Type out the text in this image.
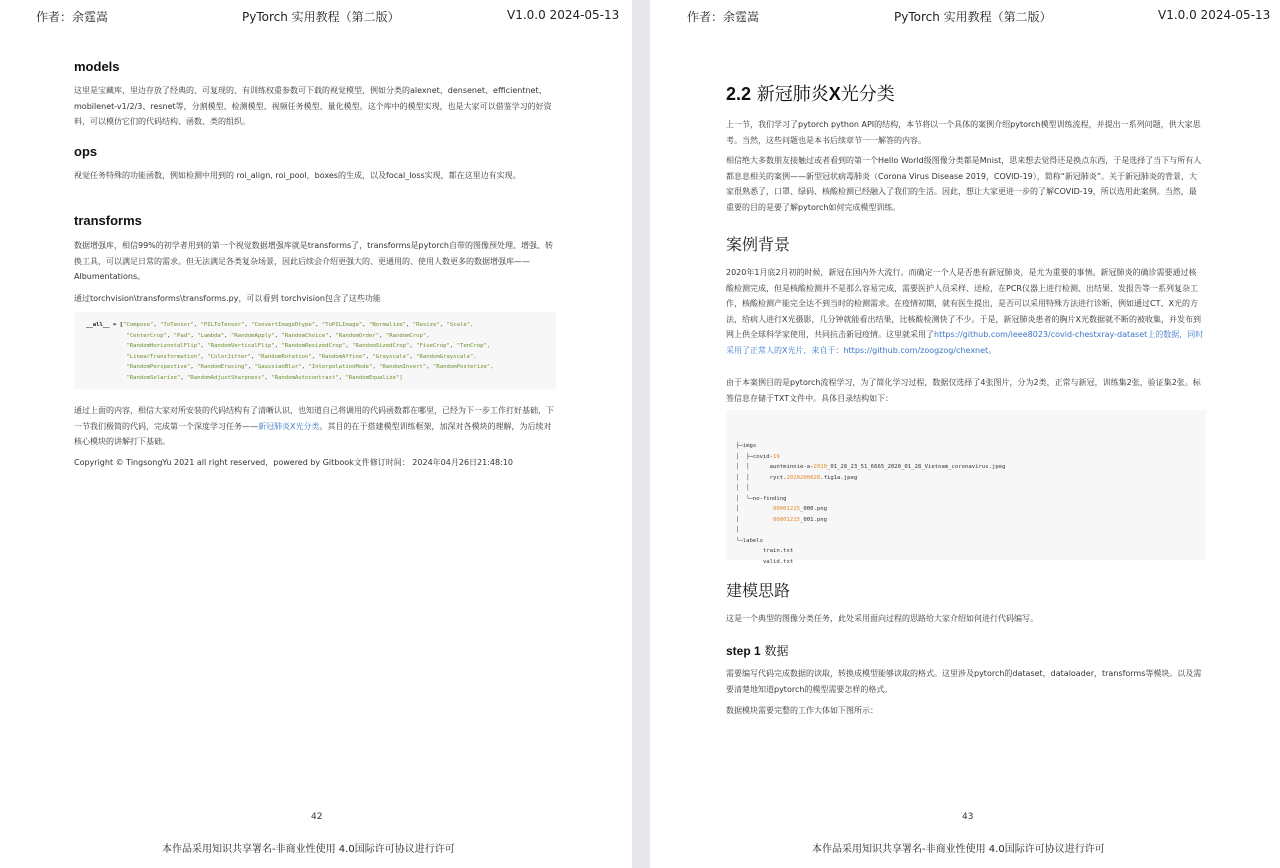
作者：余霆嵩	PyTorch 实用教程（第二版）	V1.0.0 2024-05-13
models
这里是宝藏库，里边存放了经典的、可复现的、有训练权重参数可下载的视觉模型，例如分类的alexnet、densenet、efficientnet、mobilenet-v1/2/3、resnet等，分割模型、检测模型、视频任务模型、量化模型。这个库中的模型实现，也是大家可以借鉴学习的好资料，可以模仿它们的代码结构、函数、类的组织。
ops
视觉任务特殊的功能函数，例如检测中用到的 roi_align, roi_pool，boxes的生成，以及focal_loss实现，都在这里边有实现。
transforms
数据增强库，相信99%的初学者用到的第一个视觉数据增强库就是transforms了，transforms是pytorch自带的图像预处理、增强、转换工具，可以满足日常的需求。但无法满足各类复杂场景，因此后续会介绍更强大的、更通用的、使用人数更多的数据增强库——Albumentations。
通过torchvision\transforms\transforms.py，可以看到 torchvision包含了这些功能
__all__ = ["Compose", "ToTensor", "PILToTensor", "ConvertImageDtype", "ToPILImage", "Normalize", "Resize", "Scale",
"CenterCrop", "Pad", "Lambda", "RandomApply", "RandomChoice", "RandomOrder", "RandomCrop",
"RandomHorizontalFlip", "RandomVerticalFlip", "RandomResizedCrop", "RandomSizedCrop", "FiveCrop", "TenCrop",
"LinearTransformation", "ColorJitter", "RandomRotation", "RandomAffine", "Grayscale", "RandomGrayscale",
"RandomPerspective", "RandomErasing", "GaussianBlur", "InterpolationMode", "RandomInvert", "RandomPosterize",
"RandomSolarize", "RandomAdjustSharpness", "RandomAutocontrast", "RandomEqualize"]
通过上面的内容，相信大家对所安装的代码结构有了清晰认识，也知道自己将调用的代码函数都在哪里，已经为下一步工作打好基础，下一节我们极简的代码，完成第一个深度学习任务——新冠肺炎X光分类。其目的在于搭建模型训练框架，加深对各模块的理解，为后续对核心模块的讲解打下基础。
Copyright © TingsongYu 2021 all right reserved，powered by Gitbook文件修订时间： 2024年04月26日21:48:10
42
本作品采用知识共享署名-非商业性使用 4.0国际许可协议进行许可
作者：余霆嵩	PyTorch 实用教程（第二版）	V1.0.0 2024-05-13
2.2 新冠肺炎X光分类
上一节，我们学习了pytorch python API的结构，本节将以一个具体的案例介绍pytorch模型训练流程，并提出一系列问题，供大家思考。当然，这些问题也是本书后续章节一一解答的内容。
相信绝大多数朋友接触过或者看到的第一个Hello World级图像分类都是Mnist，思来想去觉得还是换点东西，于是选择了当下与所有人都息息相关的案例——新型冠状病毒肺炎（Corona Virus Disease 2019，COVID-19），简称“新冠肺炎”。关于新冠肺炎的背景，大家很熟悉了，口罩、绿码、核酸检测已经融入了我们的生活。因此，想让大家更进一步的了解COVID-19，所以选用此案例。当然，最重要的目的是要了解pytorch如何完成模型训练。
案例背景
2020年1月底2月初的时候，新冠在国内外大流行。而确定一个人是否患有新冠肺炎，是尤为重要的事情。新冠肺炎的确诊需要通过核酸检测完成，但是核酸检测并不是那么容易完成，需要医护人员采样、送检，在PCR仪器上进行检测、出结果、发报告等一系列复杂工作，核酸检测产能完全达不到当时的检测需求。在疫情初期，就有医生提出，是否可以采用特殊方法进行诊断，例如通过CT、X光的方法，给病人进行X光摄影，几分钟就能看出结果，比核酸检测快了不少。于是，新冠肺炎患者的胸片X光数据就不断的被收集，并发布到网上供全球科学家使用，共同抗击新冠疫情。这里就采用了https://github.com/ieee8023/covid-chestxray-dataset上的数据，同时采用了正常人的X光片，来自于：https://github.com/zoogzog/chexnet。
由于本案例目的是pytorch流程学习，为了简化学习过程，数据仅选择了4张图片，分为2类，正常与新冠，训练集2张，验证集2张。标签信息存储于TXT文件中。具体目录结构如下：

├─imgs
│  ├─covid-19
│  │      auntminnie-a-2020_01_28_23_51_6665_2020_01_28_Vietnam_coronavirus.jpeg
│  │      ryct.2020200028.fig1a.jpeg
│  │
│  └─no-finding
│          00001215_000.png
│          00001215_001.png
│
└─labels
train.txt
valid.txt

建模思路
这是一个典型的图像分类任务，此处采用面向过程的思路给大家介绍如何进行代码编写。
step 1 数据
需要编写代码完成数据的读取，转换成模型能够读取的格式。这里涉及pytorch的dataset，dataloader，transforms等模块。以及需要清楚地知道pytorch的模型需要怎样的格式。
数据模块需要完整的工作大体如下图所示：
43
本作品采用知识共享署名-非商业性使用 4.0国际许可协议进行许可
